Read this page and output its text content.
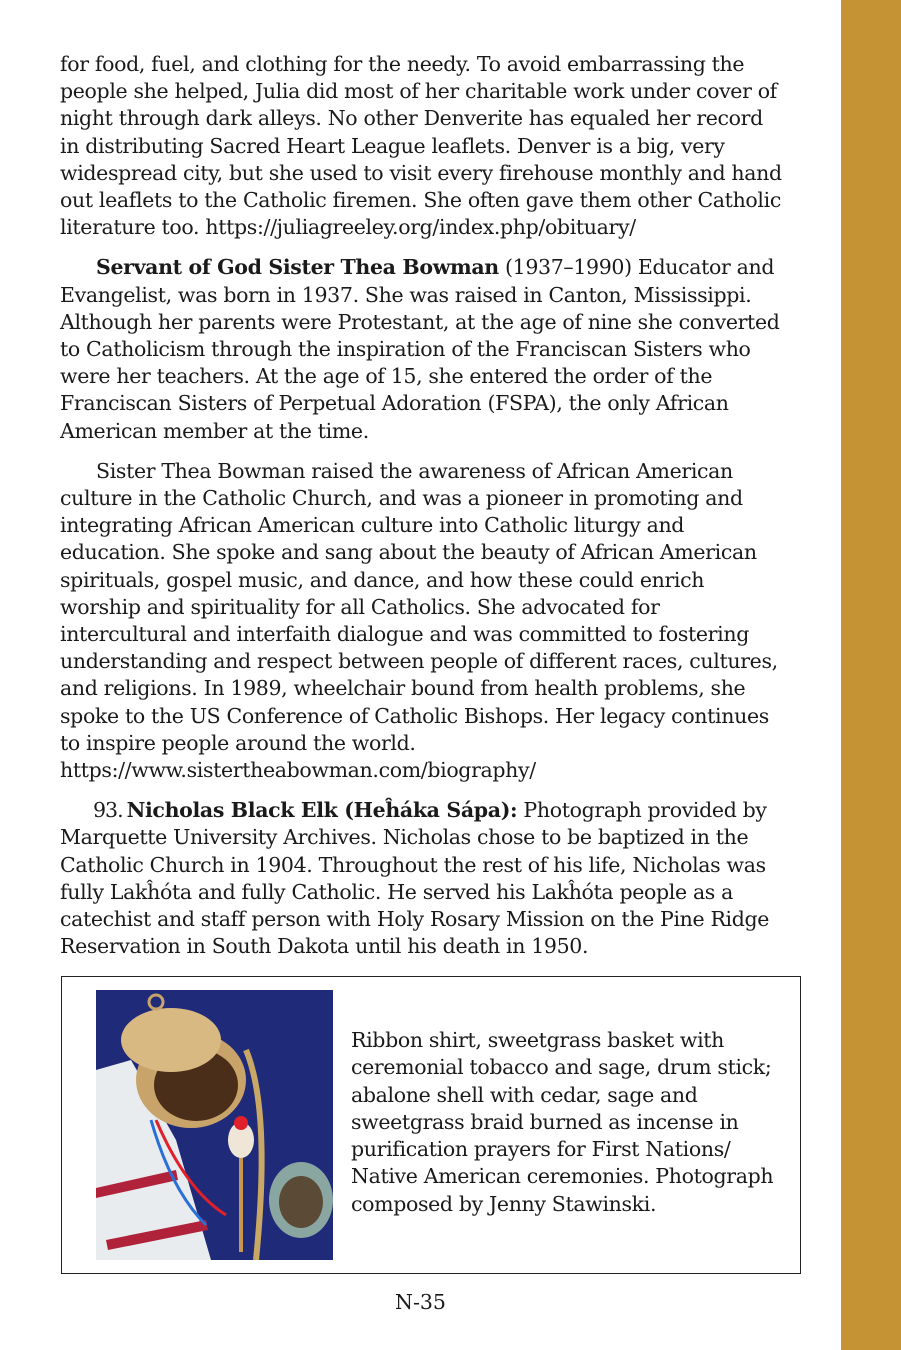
for food, fuel, and clothing for the needy. To avoid embarrassing the people she helped, Julia did most of her charitable work under cover of night through dark alleys. No other Denverite has equaled her record in distributing Sacred Heart League leaflets. Denver is a big, very widespread city, but she used to visit every firehouse monthly and hand out leaflets to the Catholic firemen. She often gave them other Catholic literature too. https://juliagreeley.org/index.php/obituary/

Servant of God Sister Thea Bowman (1937–1990) Educator and Evangelist, was born in 1937. She was raised in Canton, Mississippi. Although her parents were Protestant, at the age of nine she converted to Catholicism through the inspiration of the Franciscan Sisters who were her teachers. At the age of 15, she entered the order of the Franciscan Sisters of Perpetual Adoration (FSPA), the only African American member at the time.

Sister Thea Bowman raised the awareness of African American culture in the Catholic Church, and was a pioneer in promoting and integrating African American culture into Catholic liturgy and education. She spoke and sang about the beauty of African American spirituals, gospel music, and dance, and how these could enrich worship and spirituality for all Catholics. She advocated for intercultural and interfaith dialogue and was committed to fostering understanding and respect between people of different races, cultures, and religions. In 1989, wheelchair bound from health problems, she spoke to the US Conference of Catholic Bishops. Her legacy continues to inspire people around the world. https://www.sistertheabowman.com/biography/

93. Nicholas Black Elk (Heĥáka Sápa): Photograph provided by Marquette University Archives. Nicholas chose to be baptized in the Catholic Church in 1904. Throughout the rest of his life, Nicholas was fully Lakĥóta and fully Catholic. He served his Lakĥóta people as a catechist and staff person with Holy Rosary Mission on the Pine Ridge Reservation in South Dakota until his death in 1950.

Ribbon shirt, sweetgrass basket with ceremonial tobacco and sage, drum stick; abalone shell with cedar, sage and sweetgrass braid burned as incense in purification prayers for First Nations/ Native American ceremonies. Photograph composed by Jenny Stawinski.
N-35
